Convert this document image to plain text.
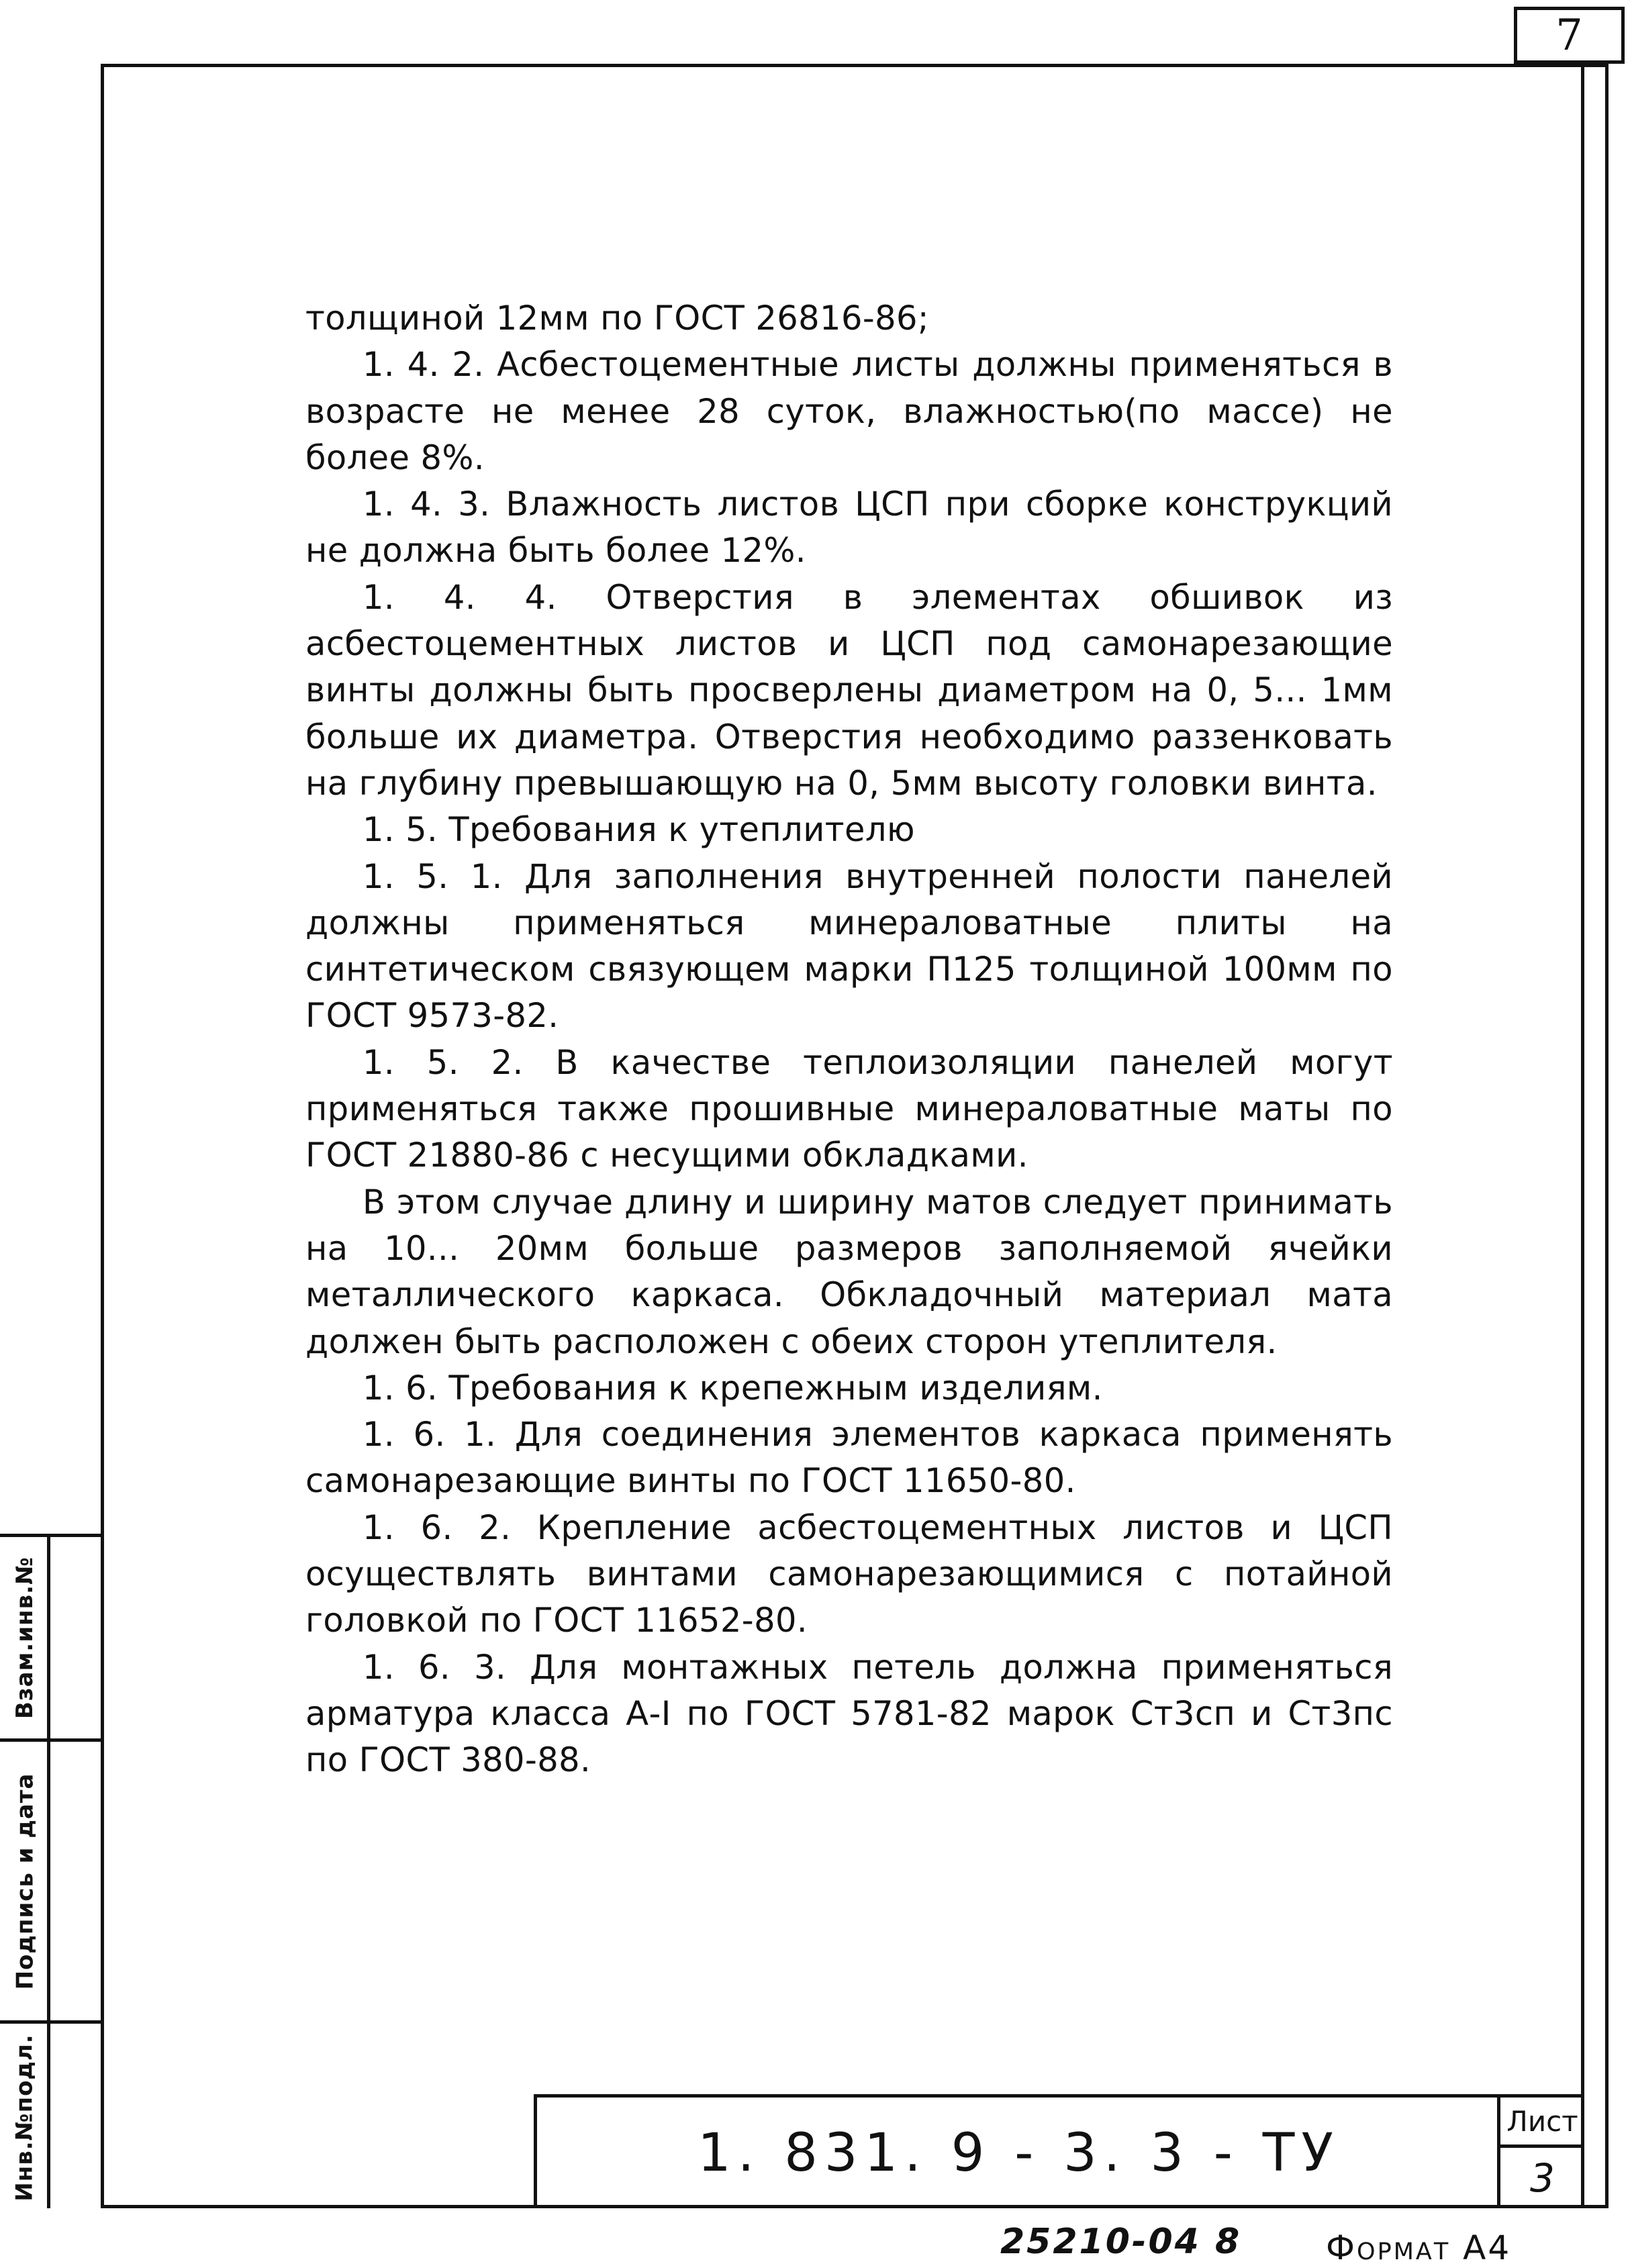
7

толщиной 12мм по ГОСТ 26816-86;

1. 4. 2. Асбестоцементные листы должны применяться в возрасте не менее 28 суток, влажностью(по массе) не более 8%.

1. 4. 3. Влажность листов ЦСП при сборке конструкций не должна быть более 12%.

1. 4. 4. Отверстия в элементах обшивок из асбестоцементных листов и ЦСП под самонарезающие винты должны быть просверлены диаметром на 0, 5... 1мм больше их диаметра. Отверстия необходимо раззенковать на глубину превышающую на 0, 5мм высоту головки винта.

1. 5. Требования к утеплителю

1. 5. 1. Для заполнения внутренней полости панелей должны применяться минераловатные плиты на синтетическом связующем марки П125 толщиной 100мм по ГОСТ 9573-82.

1. 5. 2. В качестве теплоизоляции панелей могут применяться также прошивные минераловатные маты по ГОСТ 21880-86 с несущими обкладками.

В этом случае длину и ширину матов следует принимать на 10... 20мм больше размеров заполняемой ячейки металлического каркаса. Обкладочный материал мата должен быть расположен с обеих сторон утеплителя.

1. 6. Требования к крепежным изделиям.

1. 6. 1. Для соединения элементов каркаса применять самонарезающие винты по ГОСТ 11650-80.

1. 6. 2. Крепление асбестоцементных листов и ЦСП осуществлять винтами самонарезающимися с потайной головкой по ГОСТ 11652-80.

1. 6. 3. Для монтажных петель должна применяться арматура класса А-I по ГОСТ 5781-82 марок Ст3сп и Ст3пс по ГОСТ 380-88.

Взам.инв.№
Подпись и дата
Инв.№подл.	1. 831. 9 - 3. 3 - ТУ
Лист
3
25210-04 8	Формат А4
